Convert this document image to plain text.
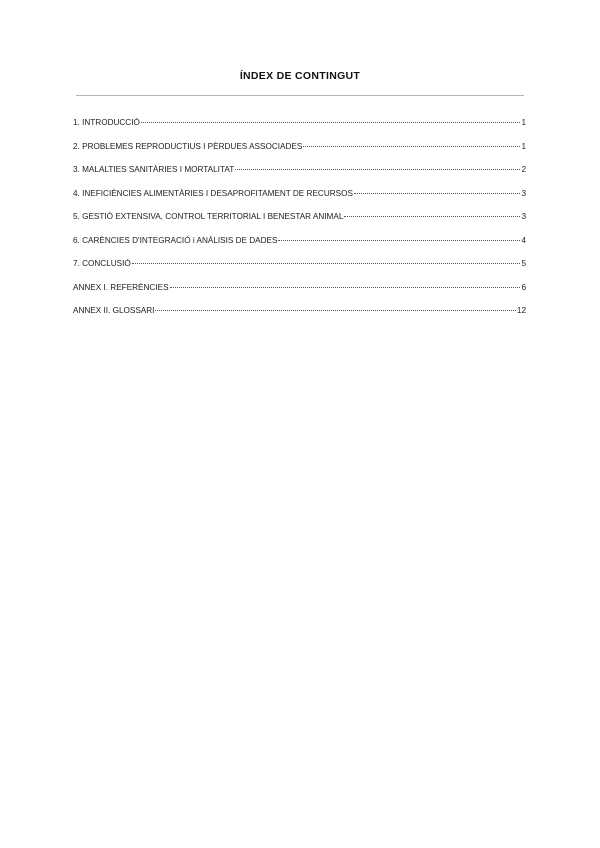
ÍNDEX DE CONTINGUT
1. INTRODUCCIÓ	1
2. PROBLEMES REPRODUCTIUS I PÈRDUES ASSOCIADES	1
3. MALALTIES SANITÀRIES I MORTALITAT	2
4. INEFICIÈNCIES ALIMENTÀRIES I DESAPROFITAMENT DE RECURSOS	3
5. GESTIÓ EXTENSIVA, CONTROL TERRITORIAL I BENESTAR ANIMAL	3
6. CARÈNCIES D'INTEGRACIÓ i ANÀLISIS DE DADES	4
7. CONCLUSIÓ	5
ANNEX I. REFERÈNCIES	6
ANNEX II. GLOSSARI	12
